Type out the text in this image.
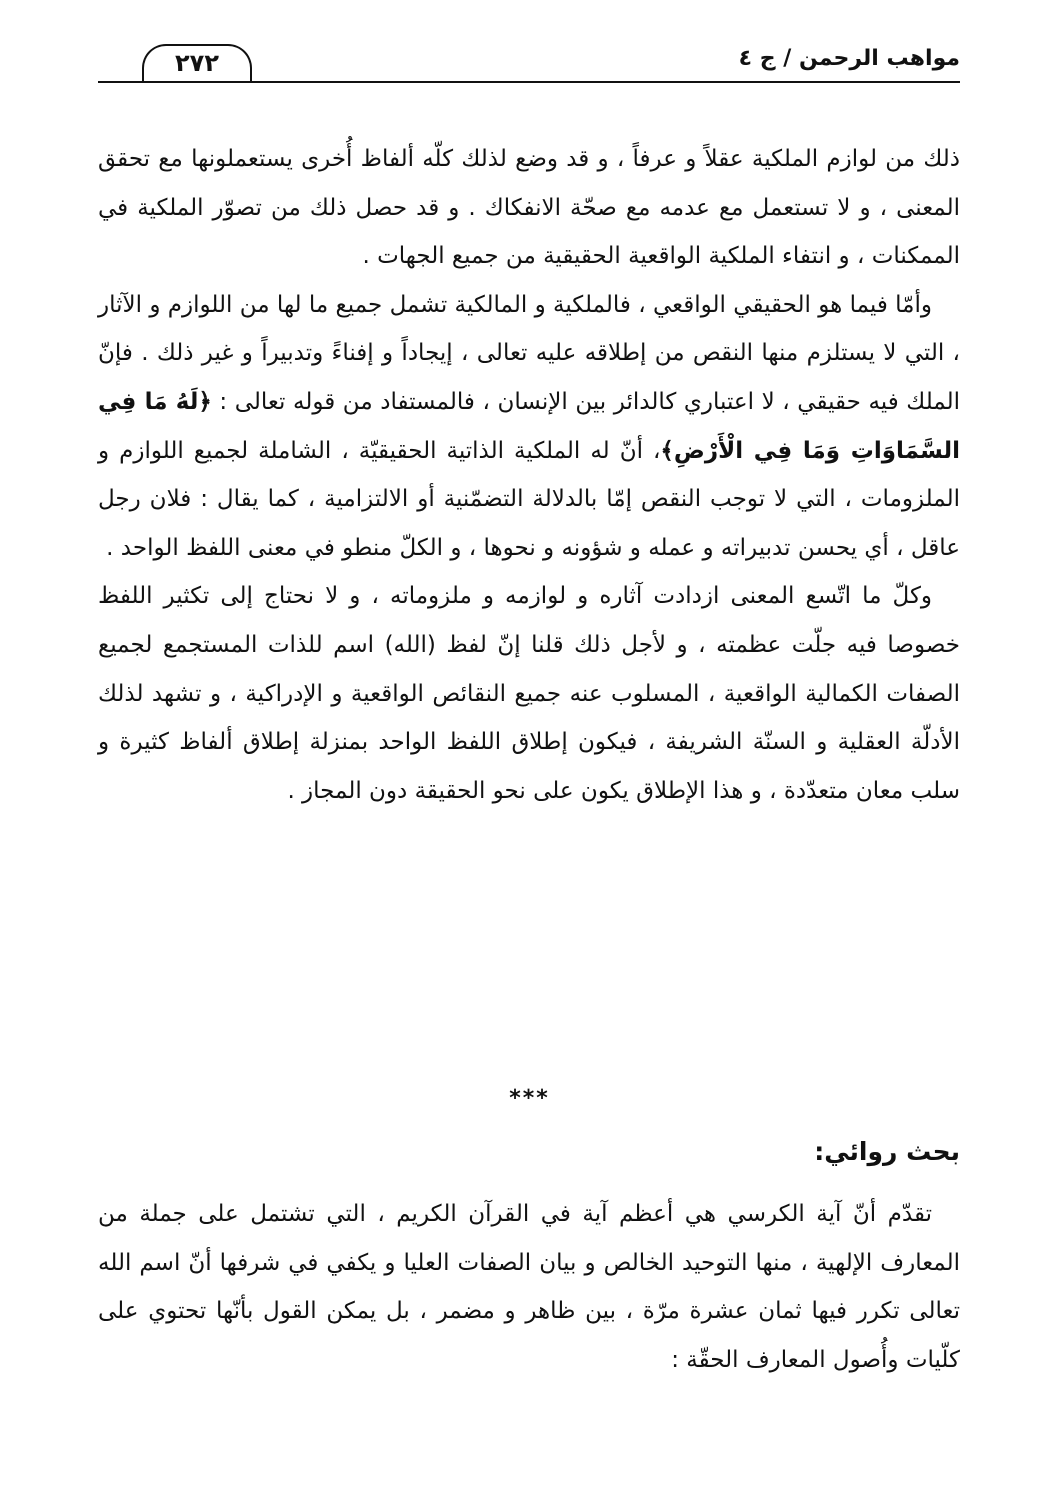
مواهب الرحمن / ج ٤
٢٧٢

ذلك من لوازم الملكية عقلاً و عرفاً ، و قد وضع لذلك كلّه ألفاظ أُخرى يستعملونها مع تحقق المعنى ، و لا تستعمل مع عدمه مع صحّة الانفكاك . و قد حصل ذلك من تصوّر الملكية في الممكنات ، و انتفاء الملكية الواقعية الحقيقية من جميع الجهات .

وأمّا فيما هو الحقيقي الواقعي ، فالملكية و المالكية تشمل جميع ما لها من اللوازم و الآثار ، التي لا يستلزم منها النقص من إطلاقه عليه تعالى ، إيجاداً و إفناءً وتدبيراً و غير ذلك . فإنّ الملك فيه حقيقي ، لا اعتباري كالدائر بين الإنسان ، فالمستفاد من قوله تعالى : ﴿لَهُ مَا فِي السَّمَاوَاتِ وَمَا فِي الْأَرْضِ﴾، أنّ له الملكية الذاتية الحقيقيّة ، الشاملة لجميع اللوازم و الملزومات ، التي لا توجب النقص إمّا بالدلالة التضمّنية أو الالتزامية ، كما يقال : فلان رجل عاقل ، أي يحسن تدبيراته و عمله و شؤونه و نحوها ، و الكلّ منطو في معنى اللفظ الواحد .

وكلّ ما اتّسع المعنى ازدادت آثاره و لوازمه و ملزوماته ، و لا نحتاج إلى تكثير اللفظ خصوصا فيه جلّت عظمته ، و لأجل ذلك قلنا إنّ لفظ (الله) اسم للذات المستجمع لجميع الصفات الكمالية الواقعية ، المسلوب عنه جميع النقائص الواقعية و الإدراكية ، و تشهد لذلك الأدلّة العقلية و السنّة الشريفة ، فيكون إطلاق اللفظ الواحد بمنزلة إطلاق ألفاظ كثيرة و سلب معان متعدّدة ، و هذا الإطلاق يكون على نحو الحقيقة دون المجاز .

***
بحث روائي:

تقدّم أنّ آية الكرسي هي أعظم آية في القرآن الكريم ، التي تشتمل على جملة من المعارف الإلهية ، منها التوحيد الخالص و بيان الصفات العليا و يكفي في شرفها أنّ اسم الله تعالى تكرر فيها ثمان عشرة مرّة ، بين ظاهر و مضمر ، بل يمكن القول بأنّها تحتوي على كلّيات وأُصول المعارف الحقّة :
